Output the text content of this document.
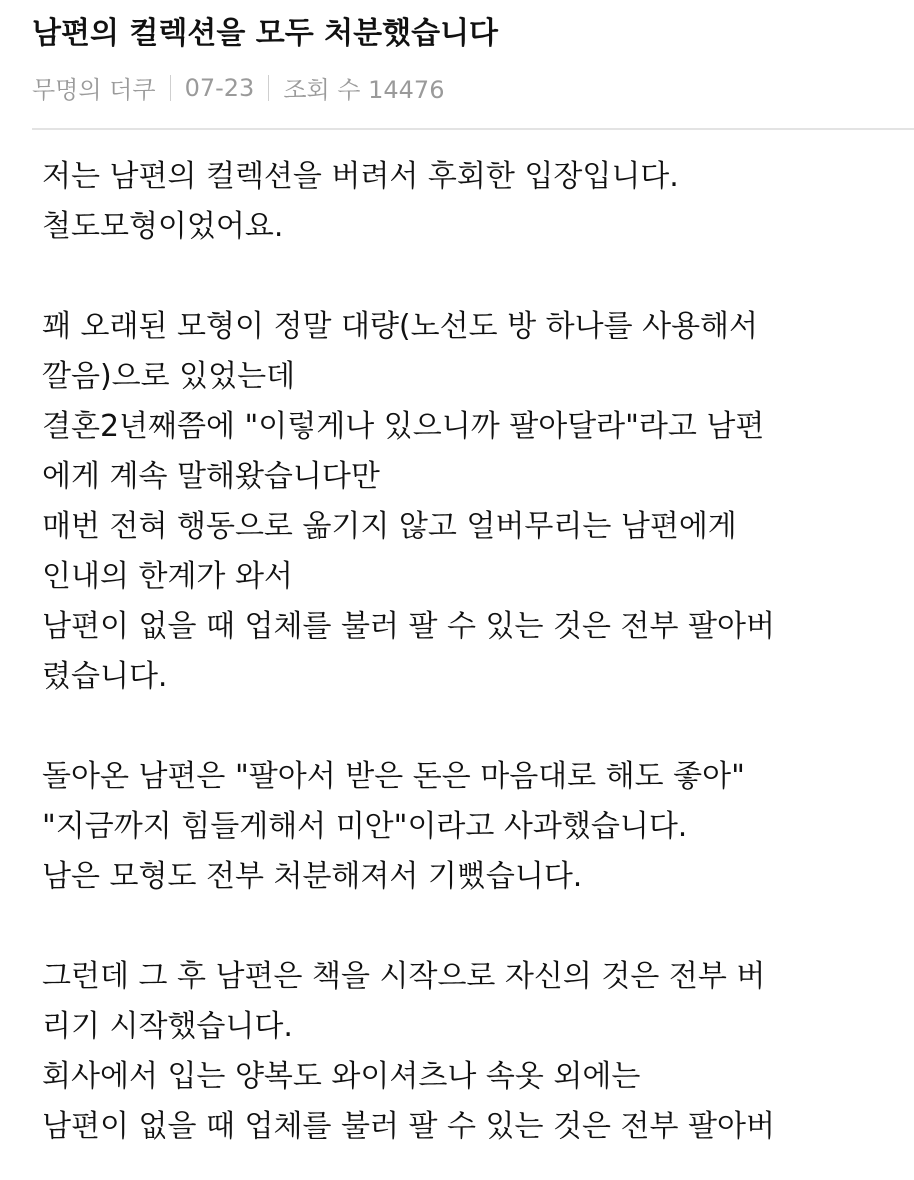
남편의 컬렉션을 모두 처분했습니다
무명의 더쿠 07-23 조회 수 14476
저는 남편의 컬렉션을 버려서 후회한 입장입니다.
철도모형이었어요.
꽤 오래된 모형이 정말 대량(노선도 방 하나를 사용해서
깔음)으로 있었는데
결혼2년째쯤에 "이렇게나 있으니까 팔아달라"라고 남편
에게 계속 말해왔습니다만
매번 전혀 행동으로 옮기지 않고 얼버무리는 남편에게
인내의 한계가 와서
남편이 없을 때 업체를 불러 팔 수 있는 것은 전부 팔아버
렸습니다.
돌아온 남편은 "팔아서 받은 돈은 마음대로 해도 좋아"
"지금까지 힘들게해서 미안"이라고 사과했습니다.
남은 모형도 전부 처분해져서 기뻤습니다.
그런데 그 후 남편은 책을 시작으로 자신의 것은 전부 버
리기 시작했습니다.
회사에서 입는 양복도 와이셔츠나 속옷 외에는
남편이 없을 때 업체를 불러 팔 수 있는 것은 전부 팔아버
